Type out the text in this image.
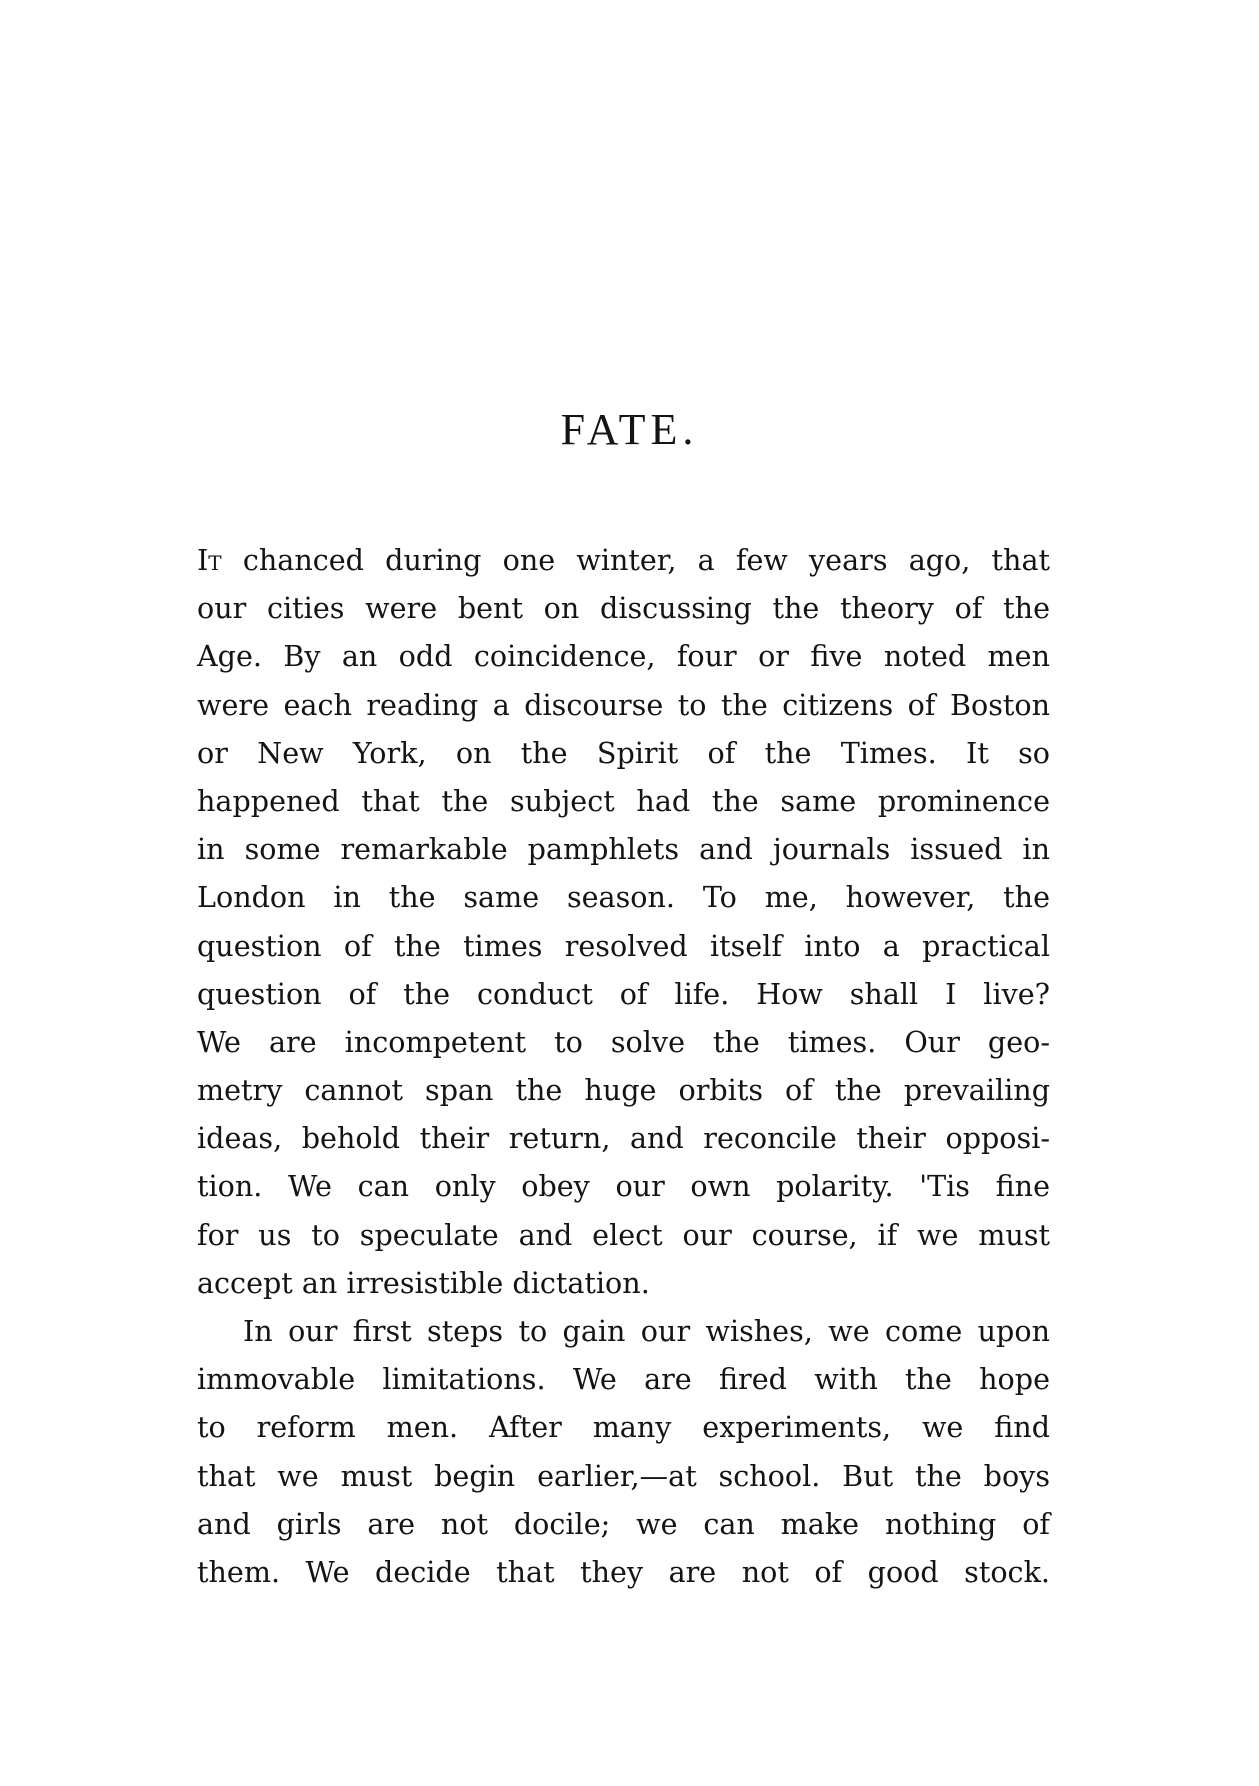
FATE.
It chanced during one winter, a few years ago, that
our cities were bent on discussing the theory of the
Age. By an odd coincidence, four or five noted men
were each reading a discourse to the citizens of Boston
or New York, on the Spirit of the Times. It so
happened that the subject had the same prominence
in some remarkable pamphlets and journals issued in
London in the same season. To me, however, the
question of the times resolved itself into a practical
question of the conduct of life. How shall I live?
We are incompetent to solve the times. Our geo-
metry cannot span the huge orbits of the prevailing
ideas, behold their return, and reconcile their opposi-
tion. We can only obey our own polarity. 'Tis fine
for us to speculate and elect our course, if we must
accept an irresistible dictation.
In our first steps to gain our wishes, we come upon
immovable limitations. We are fired with the hope
to reform men. After many experiments, we find
that we must begin earlier,—at school. But the boys
and girls are not docile; we can make nothing of
them. We decide that they are not of good stock.
